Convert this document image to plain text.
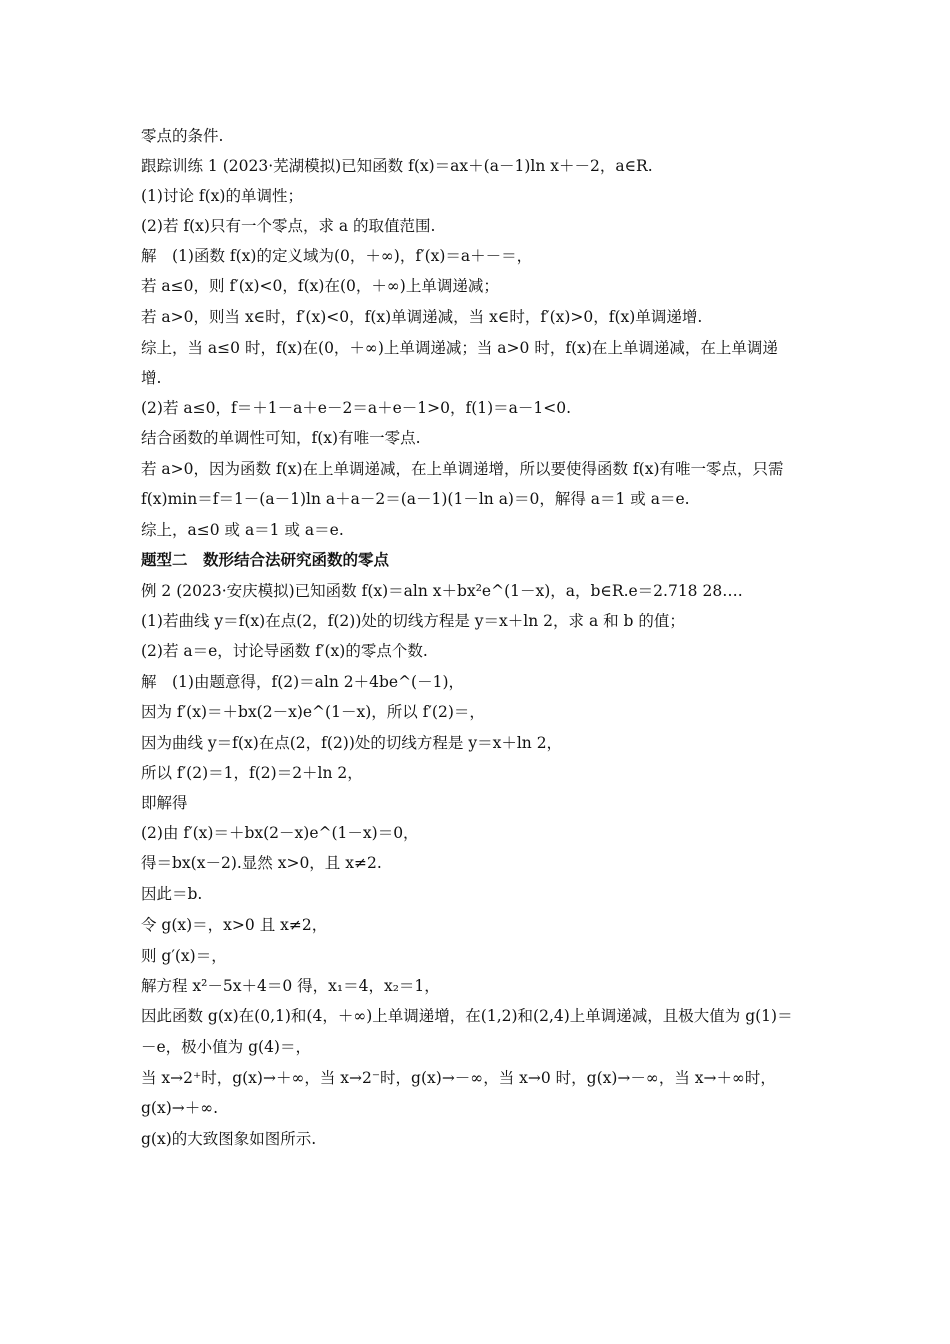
零点的条件.
跟踪训练 1 (2023·芜湖模拟)已知函数 f(x)＝ax＋(a－1)ln x＋－2，a∈R.
(1)讨论 f(x)的单调性；
(2)若 f(x)只有一个零点，求 a 的取值范围.
解　(1)函数 f(x)的定义域为(0，＋∞)，f′(x)＝a＋－＝，
若 a≤0，则 f′(x)<0，f(x)在(0，＋∞)上单调递减；
若 a>0，则当 x∈时，f′(x)<0，f(x)单调递减，当 x∈时，f′(x)>0，f(x)单调递增.
综上，当 a≤0 时，f(x)在(0，＋∞)上单调递减；当 a>0 时，f(x)在上单调递减，在上单调递
增.
(2)若 a≤0，f＝＋1－a＋e－2＝a＋e－1>0，f(1)＝a－1<0.
结合函数的单调性可知，f(x)有唯一零点.
若 a>0，因为函数 f(x)在上单调递减，在上单调递增，所以要使得函数 f(x)有唯一零点，只需
f(x)min＝f＝1－(a－1)ln a＋a－2＝(a－1)(1－ln a)＝0，解得 a＝1 或 a＝e.
综上，a≤0 或 a＝1 或 a＝e.
题型二　数形结合法研究函数的零点
例 2 (2023·安庆模拟)已知函数 f(x)＝aln x＋bx²e^(1－x)，a，b∈R.e＝2.718 28….
(1)若曲线 y＝f(x)在点(2，f(2))处的切线方程是 y＝x＋ln 2，求 a 和 b 的值；
(2)若 a＝e，讨论导函数 f′(x)的零点个数.
解　(1)由题意得，f(2)＝aln 2＋4be^(－1)，
因为 f′(x)＝＋bx(2－x)e^(1－x)，所以 f′(2)＝，
因为曲线 y＝f(x)在点(2，f(2))处的切线方程是 y＝x＋ln 2，
所以 f′(2)＝1，f(2)＝2＋ln 2，
即解得
(2)由 f′(x)＝＋bx(2－x)e^(1－x)＝0，
得＝bx(x－2).显然 x>0，且 x≠2.
因此＝b.
令 g(x)＝，x>0 且 x≠2，
则 g′(x)＝，
解方程 x²－5x＋4＝0 得，x₁＝4，x₂＝1，
因此函数 g(x)在(0,1)和(4，＋∞)上单调递增，在(1,2)和(2,4)上单调递减，且极大值为 g(1)＝
－e，极小值为 g(4)＝，
当 x→2⁺时，g(x)→＋∞，当 x→2⁻时，g(x)→－∞，当 x→0 时，g(x)→－∞，当 x→＋∞时，
g(x)→＋∞.
g(x)的大致图象如图所示.
